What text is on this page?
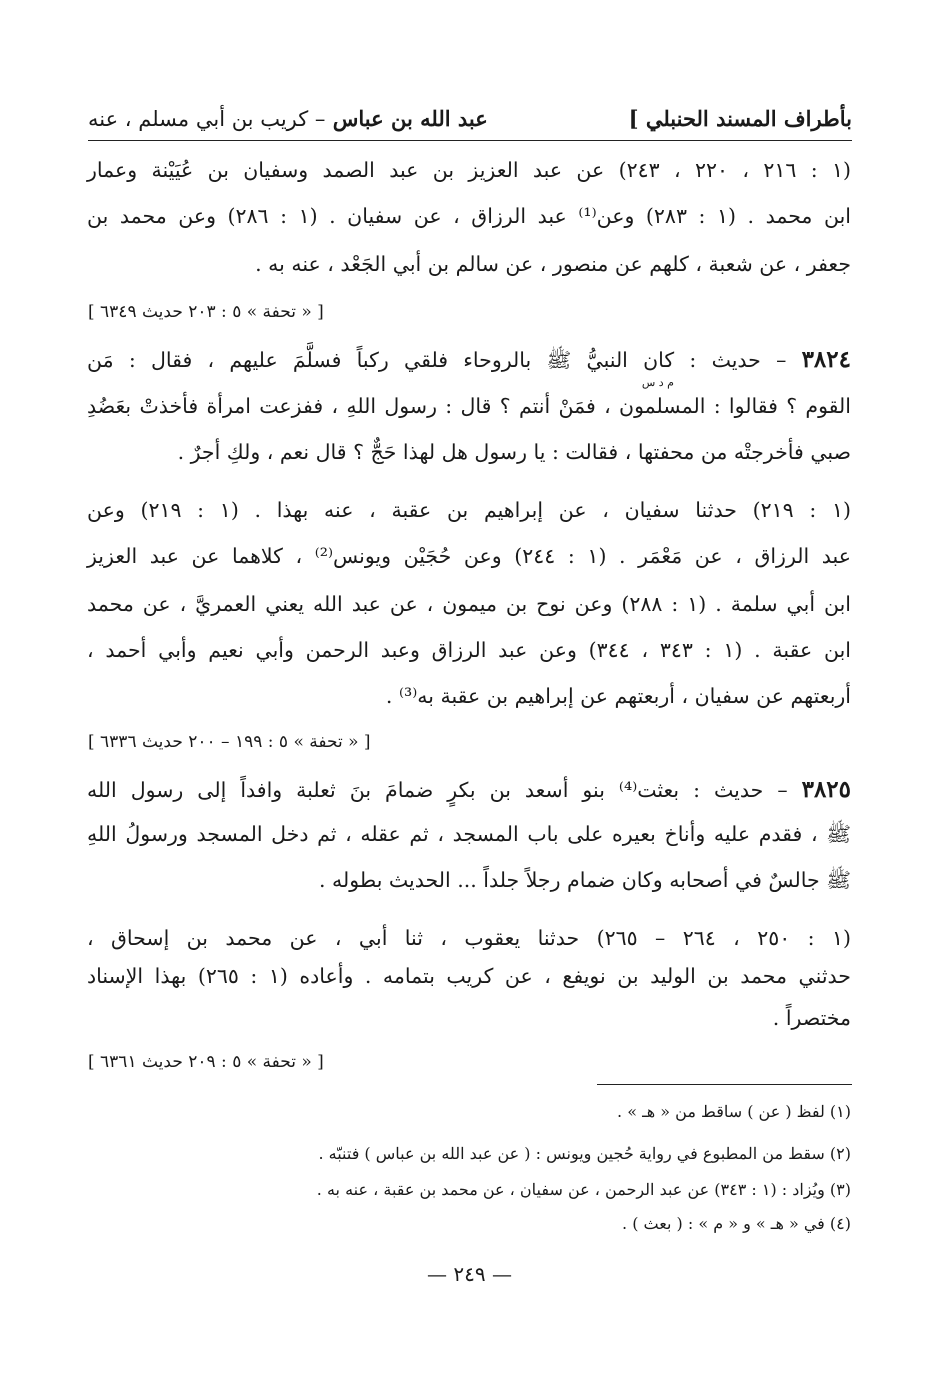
بأطراف المسند الحنبلي ]
عبد الله بن عباس – كريب بن أبي مسلم ، عنه
(١ : ٢١٦ ، ٢٢٠ ، ٢٤٣) عن عبد العزيز بن عبد الصمد وسفيان بن عُيَيْنة وعمار
ابن محمد . (١ : ٢٨٣) وعن⁽¹⁾ عبد الرزاق ، عن سفيان . (١ : ٢٨٦) وعن محمد بن
جعفر ، عن شعبة ، كلهم عن منصور ، عن سالم بن أبي الجَعْد ، عنه به .
[ « تحفة » ٥ : ٢٠٣ حديث ٦٣٤٩ ]
٣٨٢٤ – حديث : كان النبيُّ ﷺ بالروحاء فلقي ركباً فسلَّمَ عليهم ، فقال : مَن
م د س
القوم ؟ فقالوا : المسلمون ، فمَنْ أنتم ؟ قال : رسول اللهِ ، ففزعت امرأة فأخذتْ بعَضُدِ
صبي فأخرجتْه من محفتها ، فقالت : يا رسول هل لهذا حَجٌّ ؟ قال نعم ، ولكِ أجرٌ .
(١ : ٢١٩) حدثنا سفيان ، عن إبراهيم بن عقبة ، عنه بهذا . (١ : ٢١٩) وعن
عبد الرزاق ، عن مَعْمَر . (١ : ٢٤٤) وعن حُجَيْن ويونس⁽²⁾ ، كلاهما عن عبد العزيز
ابن أبي سلمة . (١ : ٢٨٨) وعن نوح بن ميمون ، عن عبد الله يعني العمريَّ ، عن محمد
ابن عقبة . (١ : ٣٤٣ ، ٣٤٤) وعن عبد الرزاق وعبد الرحمن وأبي نعيم وأبي أحمد ،
أربعتهم عن سفيان ، أربعتهم عن إبراهيم بن عقبة به⁽³⁾ .
[ « تحفة » ٥ : ١٩٩ – ٢٠٠ حديث ٦٣٣٦ ]
٣٨٢٥ – حديث : بعثت⁽⁴⁾ بنو أسعد بن بكرٍ ضمامَ بنَ ثعلبة وافداً إلى رسول الله
ﷺ ، فقدم عليه وأناخ بعيره على باب المسجد ، ثم عقله ، ثم دخل المسجد ورسولُ اللهِ
ﷺ جالسٌ في أصحابه وكان ضمام رجلاً جلداً ... الحديث بطوله .
(١ : ٢٥٠ ، ٢٦٤ – ٢٦٥) حدثنا يعقوب ، ثنا أبي ، عن محمد بن إسحاق ،
حدثني محمد بن الوليد بن نويفع ، عن كريب بتمامه . وأعاده (١ : ٢٦٥) بهذا الإسناد
مختصراً .
[ « تحفة » ٥ : ٢٠٩ حديث ٦٣٦١ ]
(١) لفظ ( عن ) ساقط من « هـ » .
(٢) سقط من المطبوع في رواية حُجين ويونس : ( عن عبد الله بن عباس ) فتنبّه .
(٣) ويُزاد : (١ : ٣٤٣) عن عبد الرحمن ، عن سفيان ، عن محمد بن عقبة ، عنه به .
(٤) في « هـ » و « م » : ( بعث ) .
— ٢٤٩ —
